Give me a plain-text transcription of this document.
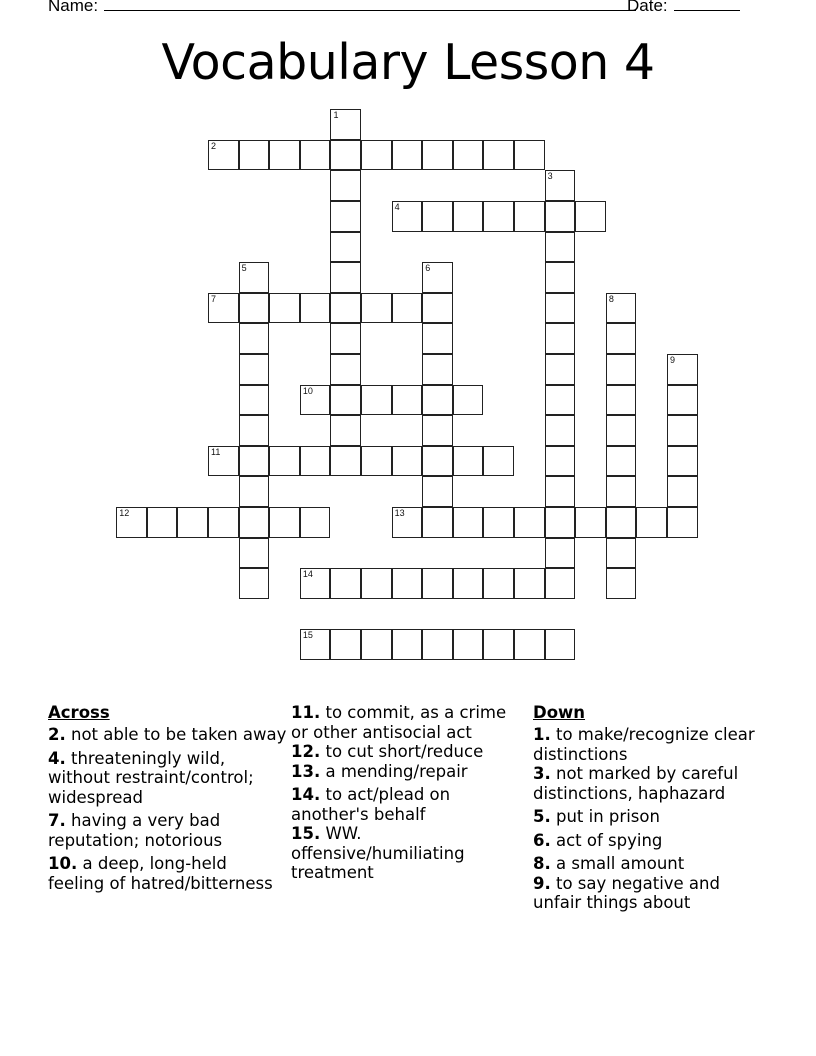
Name:	Date:
Vocabulary Lesson 4
1
2
3
4
5	6
7	8
9
10
11
12	13
14
15
Across
2. not able to be taken away
4. threateningly wild, without restraint/control; widespread
7. having a very bad reputation; notorious
10. a deep, long-held feeling of hatred/bitterness
11. to commit, as a crime or other antisocial act
12. to cut short/reduce
13. a mending/repair
14. to act/plead on another's behalf
15. WW. offensive/humiliating treatment
Down
1. to make/recognize clear distinctions
3. not marked by careful distinctions, haphazard
5. put in prison
6. act of spying
8. a small amount
9. to say negative and unfair things about
